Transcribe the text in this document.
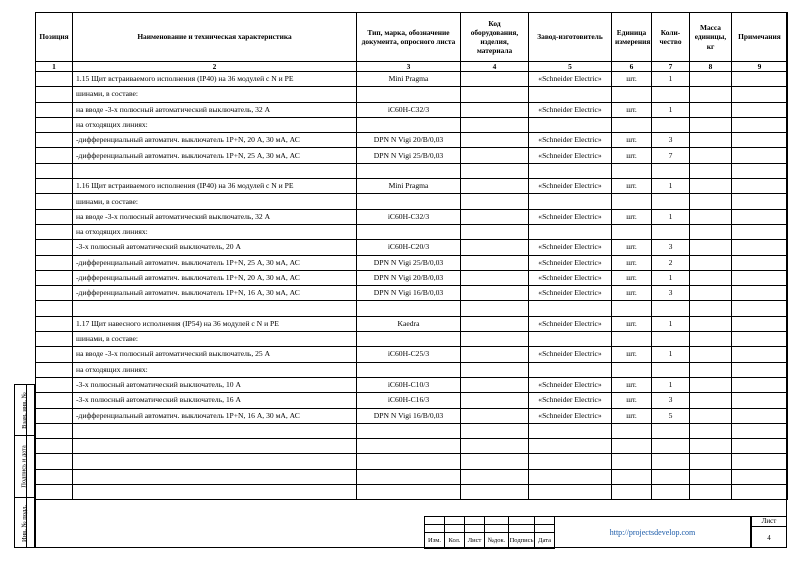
Позиция	Наименование и техническая характеристика	Тип, марка, обозначение документа, опросного листа	Код оборудования, изделия, материала	Завод-изготовитель	Единица измерения	Коли-чество	Масса единицы, кг	Примечания
1	2	3	4	5	6	7	8	9
	1.15 Щит встраиваемого исполнения (IP40) на 36 модулей с N и PE	Mini Pragma		«Schneider Electric»	шт.	1		
	шинами, в составе:							
	на вводе -3-х полюсный автоматический выключатель, 32 А	iC60H-C32/3		«Schneider Electric»	шт.	1		
	на отходящих линиях:							
	-дифференциальный автоматич. выключатель 1P+N, 20 А, 30 мА, АС	DPN N Vigi 20/B/0,03		«Schneider Electric»	шт.	3		
	-дифференциальный автоматич. выключатель 1P+N, 25 А, 30 мА, АС	DPN N Vigi 25/B/0,03		«Schneider Electric»	шт.	7		

	1.16 Щит встраиваемого исполнения (IP40) на 36 модулей с N и PE	Mini Pragma		«Schneider Electric»	шт.	1		
	шинами, в составе:							
	на вводе -3-х полюсный автоматический выключатель, 32 А	iC60H-C32/3		«Schneider Electric»	шт.	1		
	на отходящих линиях:							
	-3-х полюсный автоматический выключатель, 20 А	iC60H-C20/3		«Schneider Electric»	шт.	3		
	-дифференциальный автоматич. выключатель 1P+N, 25 А, 30 мА, АС	DPN N Vigi 25/B/0,03		«Schneider Electric»	шт.	2		
	-дифференциальный автоматич. выключатель 1P+N, 20 А, 30 мА, АС	DPN N Vigi 20/B/0,03		«Schneider Electric»	шт.	1		
	-дифференциальный автоматич. выключатель 1P+N, 16 А, 30 мА, АС	DPN N Vigi 16/B/0,03		«Schneider Electric»	шт.	3		

	1.17 Щит навесного исполнения (IP54) на 36 модулей с N и PE	Kaedra		«Schneider Electric»	шт.	1		
	шинами, в составе:							
	на вводе -3-х полюсный автоматический выключатель, 25 А	iC60H-C25/3		«Schneider Electric»	шт.	1		
	на отходящих линиях:							
	-3-х полюсный автоматический выключатель, 10 А	iC60H-C10/3		«Schneider Electric»	шт.	1		
	-3-х полюсный автоматический выключатель, 16 А	iC60H-C16/3		«Schneider Electric»	шт.	3		
	-дифференциальный автоматич. выключатель 1P+N, 16 А, 30 мА, АС	DPN N Vigi 16/B/0,03		«Schneider Electric»	шт.	5		

Взам. инв. №
Подпись и дата
Инв. № подл.

						Изм.	Кол.	Лист	№док.	Подпись	Дата
http://projectsdevelop.com
Лист
4
